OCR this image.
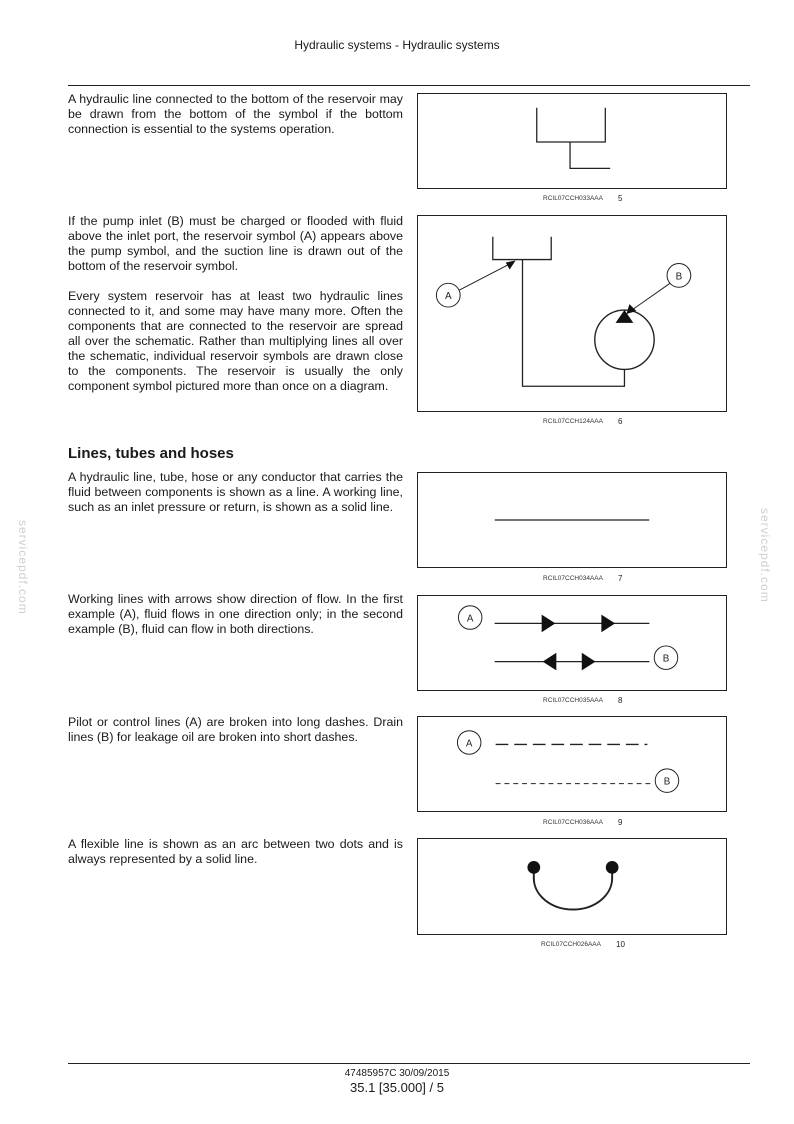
Hydraulic systems - Hydraulic systems
servicepdf.com	servicepdf.com

A hydraulic line connected to the bottom of the reservoir may be drawn from the bottom of the symbol if the bottom connection is essential to the systems operation.

RCIL07CCH033AAA 5

If the pump inlet (B) must be charged or flooded with fluid above the inlet port, the reservoir symbol (A) appears above the pump symbol, and the suction line is drawn out of the bottom of the reservoir symbol.

Every system reservoir has at least two hydraulic lines connected to it, and some may have many more. Often the components that are connected to the reservoir are spread all over the schematic. Rather than multiplying lines all over the schematic, individual reservoir symbols are drawn close to the components. The reservoir is usually the only component symbol pictured more than once on a diagram.

A
B
RCIL07CCH124AAA 6
Lines, tubes and hoses

A hydraulic line, tube, hose or any conductor that carries the fluid between components is shown as a line. A working line, such as an inlet pressure or return, is shown as a solid line.

RCIL07CCH034AAA 7

Working lines with arrows show direction of flow. In the first example (A), fluid flows in one direction only; in the second example (B), fluid can flow in both directions.

A
B
RCIL07CCH035AAA 8

Pilot or control lines (A) are broken into long dashes. Drain lines (B) for leakage oil are broken into short dashes.	A
B
RCIL07CCH036AAA 9

A flexible line is shown as an arc between two dots and is always represented by a solid line.

RCIL07CCH026AAA 10
47485957C 30/09/2015
35.1 [35.000] / 5
